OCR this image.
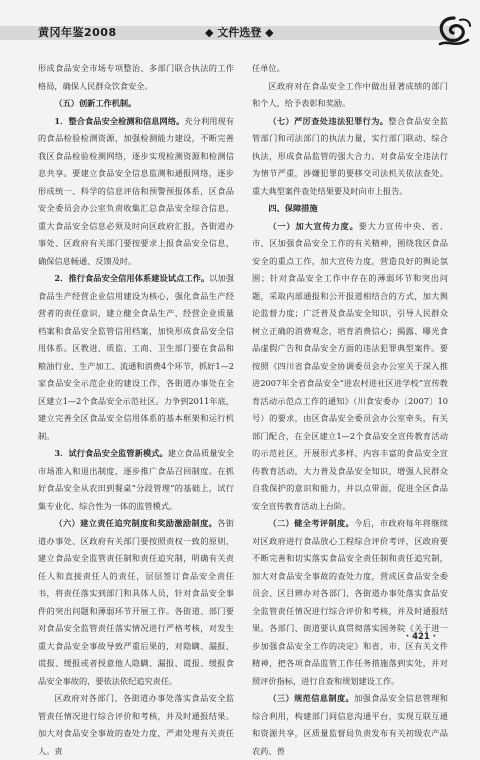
黄冈年鉴2008	◆ 文件选登 ◆

形成食品安全市场专项整治、多部门联合执法的工作格局，确保人民群众饮食安全。

（五）创新工作机制。

1．整合食品安全检测和信息网络。充分利用现有的食品检验检测资源，加强检测能力建设，不断完善我区食品检验检测网络，逐步实现检测资源和检测信息共享。要建立食品安全信息监测和通报网络，逐步形成统一、科学的信息评估和预警预报体系，区食品安全委员会办公室负责收集汇总食品安全综合信息，重大食品安全信息必须及时向区政府汇报，各街道办事处、区政府有关部门要按要求上报食品安全信息，确保信息畅通、反馈及时。

2．推行食品安全信用体系建设试点工作。以加强食品生产经营企业信用建设为核心，强化食品生产经营者的责任意识，建立健全食品生产、经营企业质量档案和食品安全监管信用档案，加快形成食品安全信用体系。区教进、质监、工商、卫生部门要在食品和粮油行业、生产加工、流通和消费4个环节，抓好1—2家食品安全示范企业的建设工作，各街道办事处在全区建立1—2个食品安全示范社区。力争到2011年底，建立完善全区食品安全信用体系的基本框架和运行机制。

3．试行食品安全监管新模式。建立食品质量安全市场准入和退出制度，逐步推广食品召回制度。在抓好食品安全从农田到餐桌“分段管理”的基础上，试行集专业化、综合性为一体的监管模式。

（六）建立责任追究制度和奖励激励制度。各街道办事处、区政府有关部门要按照责权一致的原则，建立食品安全监管责任制和责任追究制，明确有关责任人和直接责任人的责任，层层签订食品安全责任书，将责任落实到部门和具体人员，针对食品安全事件的突出问题和薄弱环节开展工作。各街道、部门要对食品安全监管责任落实情况进行严格考核，对发生重大食品安全事故导致严重后果的，对隐瞒、漏报、谎报、缓报或者授意他人隐瞒、漏报、谎报、缓报食品安全事故的，要依法依纪追究责任。

区政府对各部门、各街道办事处落实食品安全监管责任情况进行综合评价和考核，并及时通报结果。加大对食品安全事故的查处力度，严肃处理有关责任人。责

任单位。

区政府对在食品安全工作中做出显著成绩的部门和个人，给予表彰和奖励。

（七）严厉查处违法犯罪行为。整合食品安全监管部门和司法部门的执法力量，实行部门联动、综合执法，形成食品监管的强大合力。对食品安全违法行为情节严重，涉嫌犯罪的要移交司法机关依法查处。重大典型案件查处结果要及时向市上报告。

四、保障措施

（一）加大宣传力度。要大力宣传中央、省、市、区加强食品安全工作的有关精神，围绕我区食品安全的重点工作，加大宣传力度，营造良好的舆论氛围；针对食品安全工作中存在的薄弱环节和突出问题，采取内部通报和公开报道相结合的方式，加大舆论监督力度；广泛普及食品安全知识，引导人民群众树立正确的消费观念，培育消费信心；揭露、曝光食品虚假广告和食品安全方面的违法犯罪典型案件。要按照《四川省食品安全协调委员会办公室关于深入推进2007年全省食品安全“进农村进社区进学校”宣传教育活动示范点工作的通知》（川食安委办〔2007〕10号）的要求，由区食品安全委员会办公室牵头，有关部门配合，在全区建立1—2个食品安全宣传教育活动的示范社区，开展形式多样、内容丰富的食品安全宣传教育活动，大力普及食品安全知识，增强人民群众自我保护的意识和能力，并以点带面，促进全区食品安全宣传教育活动上台阶。

（二）健全考评制度。今后，市政府每年将继续对区政府进行食品放心工程综合评价考评，区政府要不断完善和切实落实食品安全责任制和责任追究制，加大对食品安全事故的查处力度，营成区食品安全委员会、区目辨办对各部门、各街道办事处落实食品安全监管责任情况进行综合评价和考核，并及时通报结果。各部门、街道要认真贯彻落实国务院《关于进一步加强食品安全工作的决定》和省、市、区有关文件精神，把各项食品监管工作任务措施落到实处，并对照评价指标，进行自查和规划建设工作。

（三）规范信息制度。加强食品安全信息管理和综合利用，构建部门间信息沟通平台，实现互联互通和资源共享，区质量监督局负责发布有关初级农产品农药、兽

· 421 ·
